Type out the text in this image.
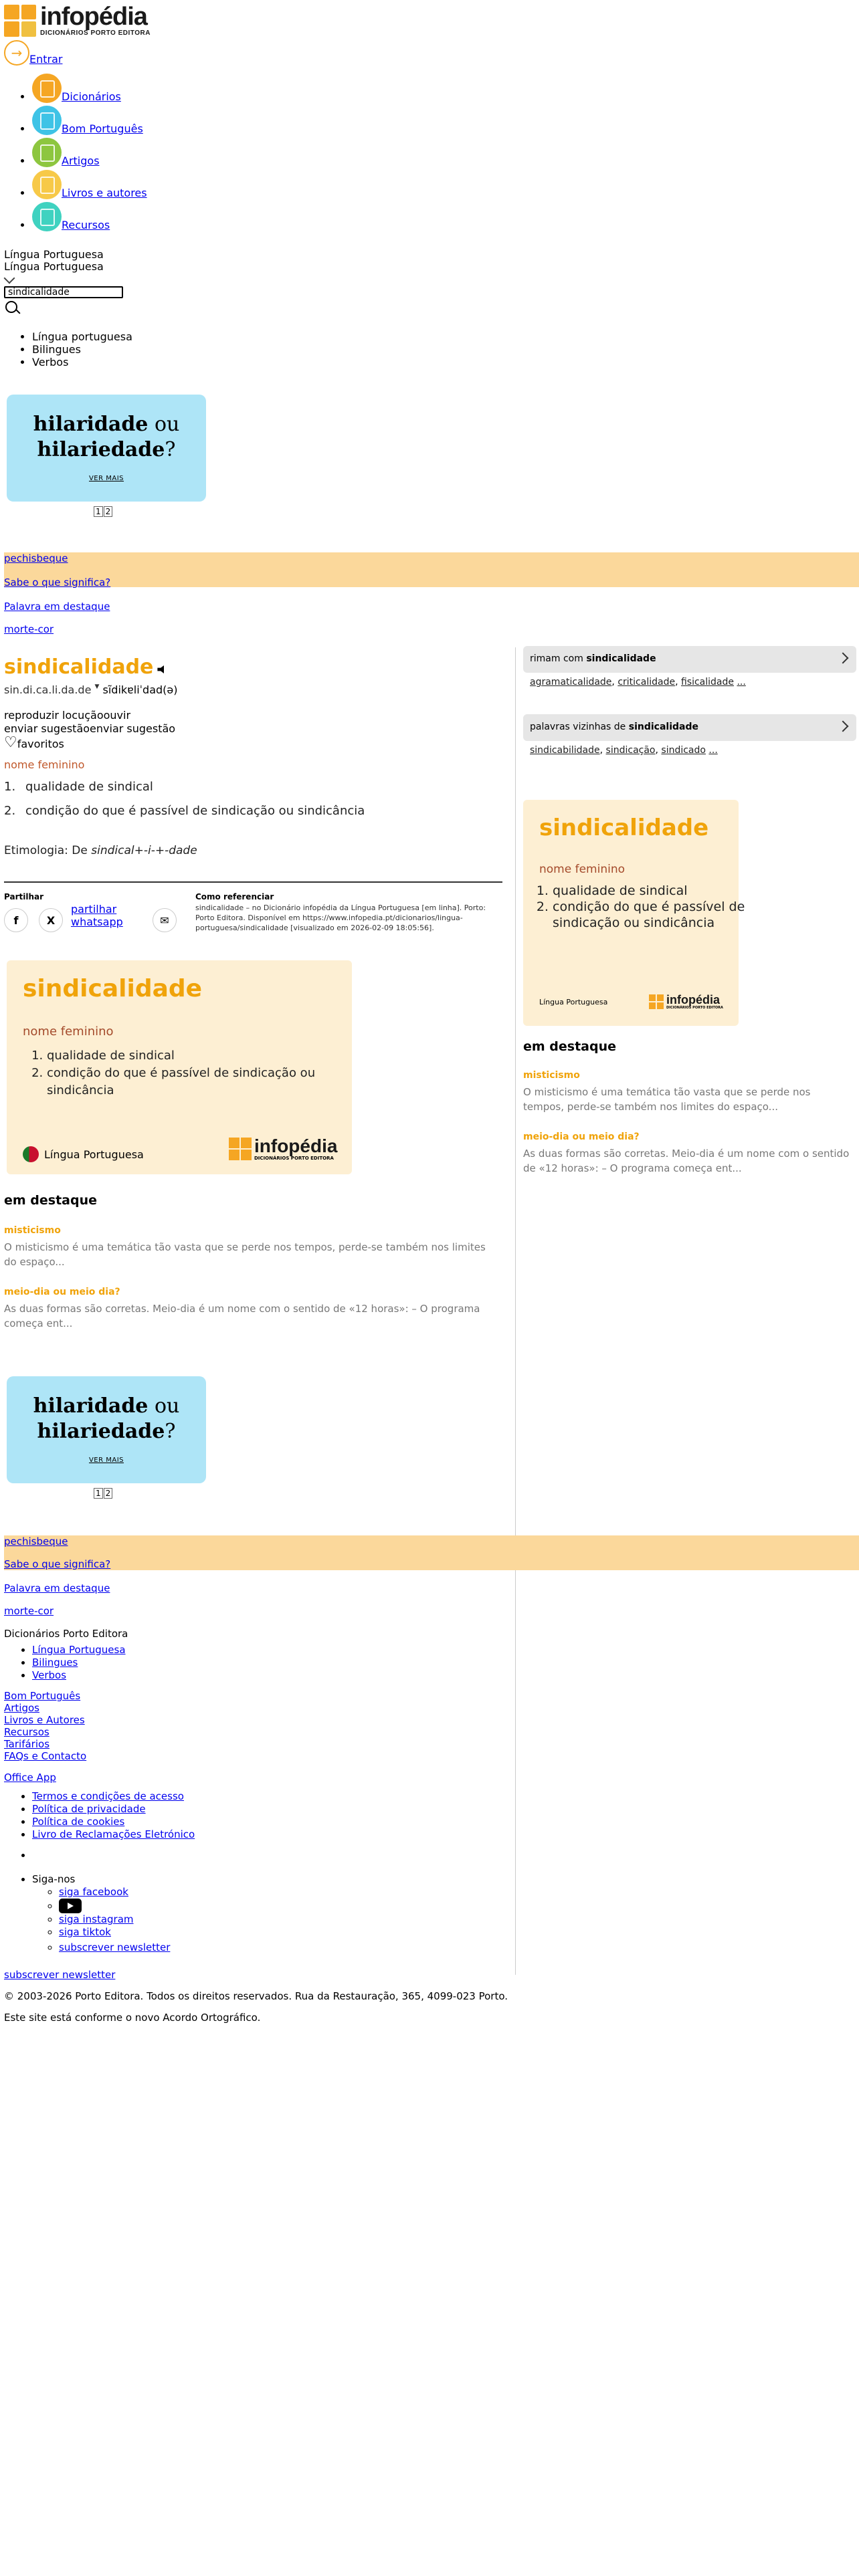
infopédia
DICIONÁRIOS PORTO EDITORA
→ Entrar
• Dicionários
• Bom Português
• Artigos
• Livros e autores
• Recursos
Língua Portuguesa
Língua Portuguesa
sindicalidade
• Língua portuguesa
• Bilingues
• Verbos
hilaridade ou
hilariedade?
VER MAIS
1 2
pechisbeque
Sabe o que significa?
Palavra em destaque
morte-cor
sindicalidade
sin.di.ca.li.da.de ▼ sĩdikɐliˈdad(ə)
reproduzir locuçãoouvir
enviar sugestãoenviar sugestão
♡ favoritos
nome feminino
1. qualidade de sindical
2. condição do que é passível de sindicação ou sindicância
Etimologia: De sindical+-i-+-dade
Partilhar
f	X
partilhar whatsapp	✉
Como referenciar
sindicalidade – no Dicionário infopédia da Língua Portuguesa [em linha]. Porto: Porto Editora. Disponível em https://www.infopedia.pt/dicionarios/lingua-portuguesa/sindicalidade [visualizado em 2026-02-09 18:05:56].
sindicalidade
nome feminino
1. qualidade de sindical
2. condição do que é passível de sindicação ou sindicância
Língua Portuguesa	infopédia
DICIONÁRIOS PORTO EDITORA
em destaque
misticismo
O misticismo é uma temática tão vasta que se perde nos tempos, perde-se também nos limites do espaço...
meio-dia ou meio dia?
As duas formas são corretas. Meio-dia é um nome com o sentido de «12 horas»: – O programa começa ent...
rimam com sindicalidade
agramaticalidade, criticalidade, fisicalidade ...
palavras vizinhas de sindicalidade
sindicabilidade, sindicação, sindicado ...
sindicalidade
nome feminino
1. qualidade de sindical
2. condição do que é passível de sindicação ou sindicância
Língua Portuguesa	infopédia
DICIONÁRIOS PORTO EDITORA
em destaque
misticismo
O misticismo é uma temática tão vasta que se perde nos tempos, perde-se também nos limites do espaço...
meio-dia ou meio dia?
As duas formas são corretas. Meio-dia é um nome com o sentido de «12 horas»: – O programa começa ent...
hilaridade ou
hilariedade?
VER MAIS
1 2
pechisbeque
Sabe o que significa?
Palavra em destaque
morte-cor
Dicionários Porto Editora
• Língua Portuguesa
• Bilingues
• Verbos
Bom Português
Artigos
Livros e Autores
Recursos
Tarifários
FAQs e Contacto
Office App
• Termos e condições de acesso
• Política de privacidade
• Política de cookies
• Livro de Reclamações Eletrónico
•
• Siga-nos
◦ siga facebook
◦
◦ siga instagram
◦ siga tiktok
◦ subscrever newsletter
subscrever newsletter
© 2003-2026 Porto Editora. Todos os direitos reservados. Rua da Restauração, 365, 4099-023 Porto.
Este site está conforme o novo Acordo Ortográfico.
